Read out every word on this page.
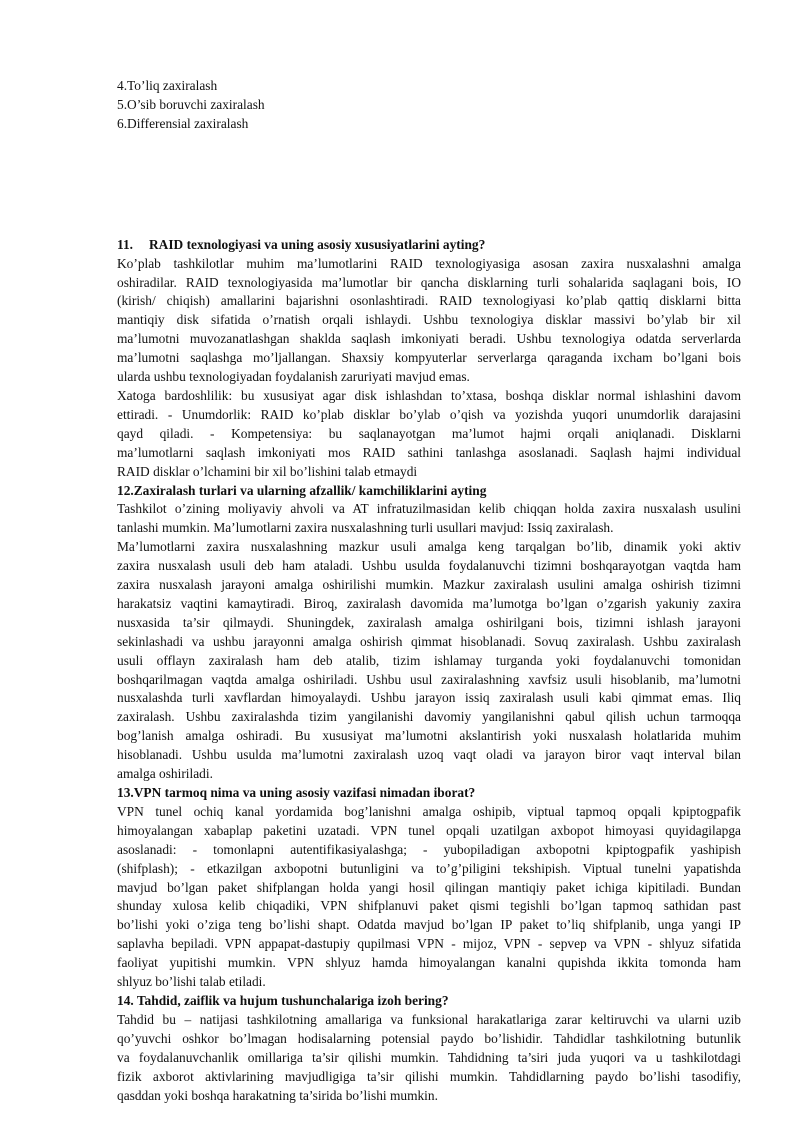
4.To’liq zaxiralash
5.O’sib boruvchi zaxiralash
6.Differensial zaxiralash
11. RAID texnologiyasi va uning asosiy xususiyatlarini ayting?
Ko’plab tashkilotlar muhim ma’lumotlarini RAID texnologiyasiga asosan zaxira nusxalashni amalga
oshiradilar. RAID texnologiyasida ma’lumotlar bir qancha disklarning turli sohalarida saqlagani bois, IO
(kirish/ chiqish) amallarini bajarishni osonlashtiradi. RAID texnologiyasi ko’plab qattiq disklarni bitta
mantiqiy disk sifatida o’rnatish orqali ishlaydi. Ushbu texnologiya disklar massivi bo’ylab bir xil
ma’lumotni muvozanatlashgan shaklda saqlash imkoniyati beradi. Ushbu texnologiya odatda serverlarda
ma’lumotni saqlashga mo’ljallangan. Shaxsiy kompyuterlar serverlarga qaraganda ixcham bo’lgani bois
ularda ushbu texnologiyadan foydalanish zaruriyati mavjud emas.
Xatoga bardoshlilik: bu xususiyat agar disk ishlashdan to’xtasa, boshqa disklar normal ishlashini davom
ettiradi. - Unumdorlik: RAID ko’plab disklar bo’ylab o’qish va yozishda yuqori unumdorlik darajasini
qayd qiladi. - Kompetensiya: bu saqlanayotgan ma’lumot hajmi orqali aniqlanadi. Disklarni
ma’lumotlarni saqlash imkoniyati mos RAID sathini tanlashga asoslanadi. Saqlash hajmi individual
RAID disklar o’lchamini bir xil bo’lishini talab etmaydi
12.Zaxiralash turlari va ularning afzallik/ kamchiliklarini ayting
Tashkilot o’zining moliyaviy ahvoli va AT infratuzilmasidan kelib chiqqan holda zaxira nusxalash usulini
tanlashi mumkin. Ma’lumotlarni zaxira nusxalashning turli usullari mavjud: Issiq zaxiralash.
Ma’lumotlarni zaxira nusxalashning mazkur usuli amalga keng tarqalgan bo’lib, dinamik yoki aktiv
zaxira nusxalash usuli deb ham ataladi. Ushbu usulda foydalanuvchi tizimni boshqarayotgan vaqtda ham
zaxira nusxalash jarayoni amalga oshirilishi mumkin. Mazkur zaxiralash usulini amalga oshirish tizimni
harakatsiz vaqtini kamaytiradi. Biroq, zaxiralash davomida ma’lumotga bo’lgan o’zgarish yakuniy zaxira
nusxasida ta’sir qilmaydi. Shuningdek, zaxiralash amalga oshirilgani bois, tizimni ishlash jarayoni
sekinlashadi va ushbu jarayonni amalga oshirish qimmat hisoblanadi. Sovuq zaxiralash. Ushbu zaxiralash
usuli offlayn zaxiralash ham deb atalib, tizim ishlamay turganda yoki foydalanuvchi tomonidan
boshqarilmagan vaqtda amalga oshiriladi. Ushbu usul zaxiralashning xavfsiz usuli hisoblanib, ma’lumotni
nusxalashda turli xavflardan himoyalaydi. Ushbu jarayon issiq zaxiralash usuli kabi qimmat emas. Iliq
zaxiralash. Ushbu zaxiralashda tizim yangilanishi davomiy yangilanishni qabul qilish uchun tarmoqqa
bog’lanish amalga oshiradi. Bu xususiyat ma’lumotni akslantirish yoki nusxalash holatlarida muhim
hisoblanadi. Ushbu usulda ma’lumotni zaxiralash uzoq vaqt oladi va jarayon biror vaqt interval bilan
amalga oshiriladi.
13.VPN tarmoq nima va uning asosiy vazifasi nimadan iborat?
VPN tunel ochiq kanal yordamida bog’lanishni amalga oshipib, viptual tapmoq opqali kpiptogpafik
himoyalangan xabaplap paketini uzatadi. VPN tunel opqali uzatilgan axbopot himoyasi quyidagilapga
asoslanadi: - tomonlapni autentifikasiyalashga; - yubopiladigan axbopotni kpiptogpafik yashipish
(shifplash); - etkazilgan axbopotni butunligini va to’g’piligini tekshipish. Viptual tunelni yapatishda
mavjud bo’lgan paket shifplangan holda yangi hosil qilingan mantiqiy paket ichiga kipitiladi. Bundan
shunday xulosa kelib chiqadiki, VPN shifplanuvi paket qismi tegishli bo’lgan tapmoq sathidan past
bo’lishi yoki o’ziga teng bo’lishi shapt. Odatda mavjud bo’lgan IP paket to’liq shifplanib, unga yangi IP
saplavha bepiladi. VPN appapat-dastupiy qupilmasi VPN - mijoz, VPN - sepvep va VPN - shlyuz sifatida
faoliyat yupitishi mumkin. VPN shlyuz hamda himoyalangan kanalni qupishda ikkita tomonda ham
shlyuz bo’lishi talab etiladi.
14. Tahdid, zaiflik va hujum tushunchalariga izoh bering?
Tahdid bu – natijasi tashkilotning amallariga va funksional harakatlariga zarar keltiruvchi va ularni uzib
qo’yuvchi oshkor bo’lmagan hodisalarning potensial paydo bo’lishidir. Tahdidlar tashkilotning butunlik
va foydalanuvchanlik omillariga ta’sir qilishi mumkin. Tahdidning ta’siri juda yuqori va u tashkilotdagi
fizik axborot aktivlarining mavjudligiga ta’sir qilishi mumkin. Tahdidlarning paydo bo’lishi tasodifiy,
qasddan yoki boshqa harakatning ta’sirida bo’lishi mumkin.
